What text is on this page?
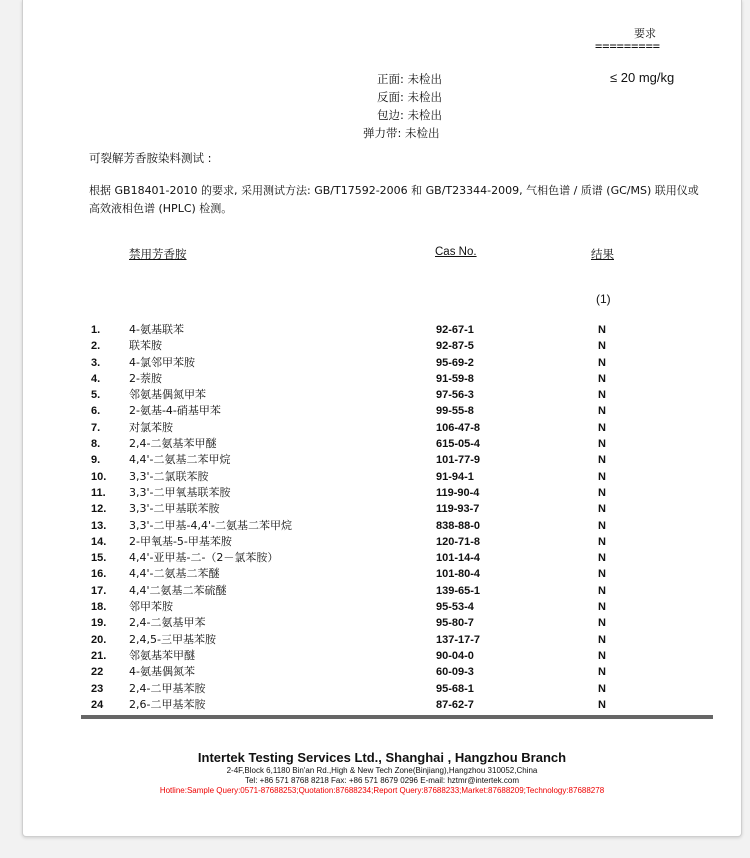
要求
=========
≤ 20 mg/kg
正面: 未检出
反面: 未检出
包边: 未检出
弹力带: 未检出
可裂解芳香胺染料测试 :
根据 GB18401-2010 的要求, 采用测试方法: GB/T17592-2006 和 GB/T23344-2009, 气相色谱 / 质谱 (GC/MS) 联用仪或高效液相色谱 (HPLC) 检测。
禁用芳香胺	Cas No.	结果
(1)
1.	4-氨基联苯	92-67-1	N
2.	联苯胺	92-87-5	N
3.	4-氯邻甲苯胺	95-69-2	N
4.	2-萘胺	91-59-8	N
5.	邻氨基偶氮甲苯	97-56-3	N
6.	2-氨基-4-硝基甲苯	99-55-8	N
7.	对氯苯胺	106-47-8	N
8.	2,4-二氨基苯甲醚	615-05-4	N
9.	4,4'-二氨基二苯甲烷	101-77-9	N
10. 3,3'-二氯联苯胺	91-94-1	N
11. 3,3'-二甲氧基联苯胺	119-90-4	N
12. 3,3'-二甲基联苯胺	119-93-7	N
13. 3,3'-二甲基-4,4'-二氨基二苯甲烷	838-88-0	N
14. 2-甲氧基-5-甲基苯胺	120-71-8	N
15. 4,4'-亚甲基-二-（2－氯苯胺）	101-14-4	N
16. 4,4'-二氨基二苯醚	101-80-4	N
17. 4,4'二氨基二苯硫醚	139-65-1	N
18. 邻甲苯胺	95-53-4	N
19. 2,4-二氨基甲苯	95-80-7	N
20. 2,4,5-三甲基苯胺	137-17-7	N
21. 邻氨基苯甲醚	90-04-0	N
22 4-氨基偶氮苯	60-09-3	N
23 2,4-二甲基苯胺	95-68-1	N
24 2,6-二甲基苯胺	87-62-7	N
Intertek Testing Services Ltd., Shanghai , Hangzhou Branch
2-4F,Block 6,1180 Bin'an Rd.,High & New Tech Zone(Binjiang),Hangzhou 310052,China
Tel: +86 571 8768 8218 Fax: +86 571 8679 0296 E-mail: hztmr@intertek.com
Hotline:Sample Query:0571-87688253;Quotation:87688234;Report Query:87688233;Market:87688209;Technology:87688278
